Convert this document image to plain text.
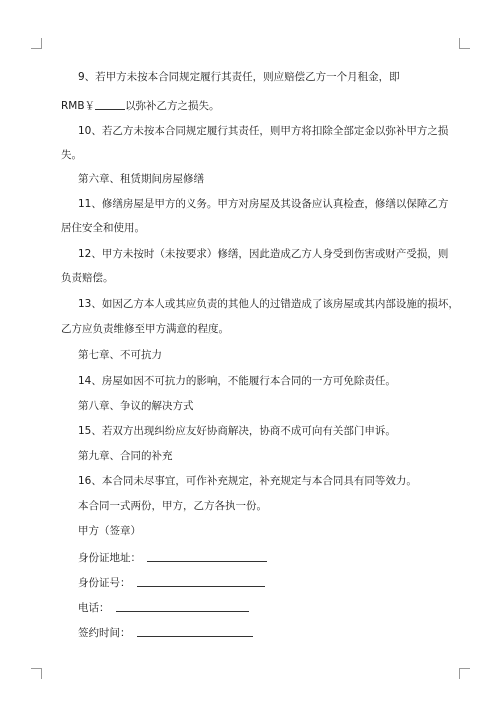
9、若甲方未按本合同规定履行其责任，则应赔偿乙方一个月租金，即
RMB￥	以弥补乙方之损失。
10、若乙方未按本合同规定履行其责任，则甲方将扣除全部定金以弥补甲方之损
失。
第六章、租赁期间房屋修缮
11、修缮房屋是甲方的义务。甲方对房屋及其设备应认真检查，修缮以保障乙方
居住安全和使用。
12、甲方未按时（未按要求）修缮，因此造成乙方人身受到伤害或财产受损，则
负责赔偿。
13、如因乙方本人或其应负责的其他人的过错造成了该房屋或其内部设施的损坏，
乙方应负责维修至甲方满意的程度。
第七章、不可抗力
14、房屋如因不可抗力的影响，不能履行本合同的一方可免除责任。
第八章、争议的解决方式
15、若双方出现纠纷应友好协商解决，协商不成可向有关部门申诉。
第九章、合同的补充
16、本合同未尽事宜，可作补充规定，补充规定与本合同具有同等效力。
本合同一式两份，甲方，乙方各执一份。
甲方（签章）
身份证地址：
身份证号：
电话：
签约时间：
